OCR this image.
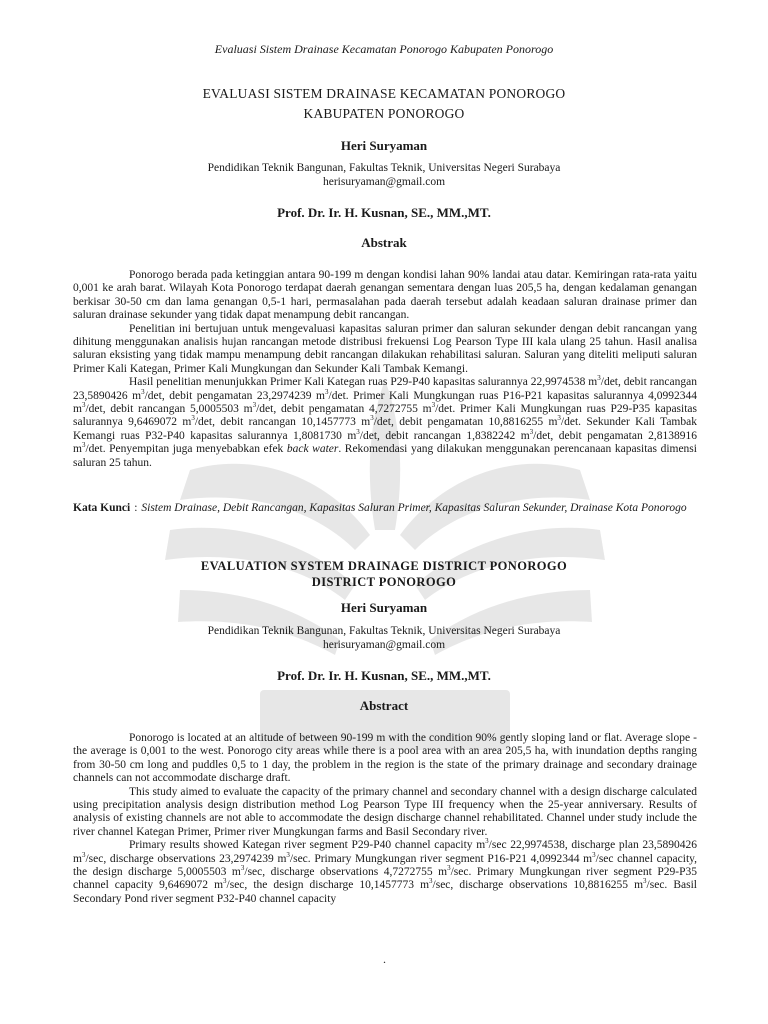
Evaluasi Sistem Drainase Kecamatan Ponorogo Kabupaten Ponorogo
EVALUASI SISTEM DRAINASE KECAMATAN PONOROGO
KABUPATEN PONOROGO
Heri Suryaman
Pendidikan Teknik Bangunan, Fakultas Teknik, Universitas Negeri Surabaya
herisuryaman@gmail.com
Prof. Dr. Ir. H. Kusnan, SE., MM.,MT.
Abstrak

Ponorogo berada pada ketinggian antara 90-199 m dengan kondisi lahan 90% landai atau datar. Kemiringan rata-rata yaitu 0,001 ke arah barat. Wilayah Kota Ponorogo terdapat daerah genangan sementara dengan luas 205,5 ha, dengan kedalaman genangan berkisar 30-50 cm dan lama genangan 0,5-1 hari, permasalahan pada daerah tersebut adalah keadaan saluran drainase primer dan saluran drainase sekunder yang tidak dapat menampung debit rancangan.

Penelitian ini bertujuan untuk mengevaluasi kapasitas saluran primer dan saluran sekunder dengan debit rancangan yang dihitung menggunakan analisis hujan rancangan metode distribusi frekuensi Log Pearson Type III kala ulang 25 tahun. Hasil analisa saluran eksisting yang tidak mampu menampung debit rancangan dilakukan rehabilitasi saluran. Saluran yang diteliti meliputi saluran Primer Kali Kategan, Primer Kali Mungkungan dan Sekunder Kali Tambak Kemangi.

Hasil penelitian menunjukkan Primer Kali Kategan ruas P29-P40 kapasitas salurannya 22,9974538 $m^3/\det$, debit rancangan 23,5890426 $m^3/\det$, debit pengamatan 23,2974239 $m^3/\det$. Primer Kali Mungkungan ruas P16-P21 kapasitas salurannya 4,0992344 $m^3/\det$, debit rancangan 5,0005503 $m^3/\det$, debit pengamatan 4,7272755 $m^3/\det$. Primer Kali Mungkungan ruas P29-P35 kapasitas salurannya 9,6469072 $m^3/\det$, debit rancangan 10,1457773 $m^3/\det$, debit pengamatan 10,8816255 $m^3/\det$. Sekunder Kali Tambak Kemangi ruas P32-P40 kapasitas salurannya 1,8081730 $m^3/\det$, debit rancangan 1,8382242 $m^3/\det$, debit pengamatan 2,8138916 $m^3/\det$. Penyempitan juga menyebabkan efek back water. Rekomendasi yang dilakukan menggunakan perencanaan kapasitas dimensi saluran 25 tahun.

Kata Kunci : Sistem Drainase, Debit Rancangan, Kapasitas Saluran Primer, Kapasitas Saluran Sekunder, Drainase Kota Ponorogo
EVALUATION SYSTEM DRAINAGE DISTRICT PONOROGO
DISTRICT PONOROGO
Heri Suryaman
Pendidikan Teknik Bangunan, Fakultas Teknik, Universitas Negeri Surabaya
herisuryaman@gmail.com
Prof. Dr. Ir. H. Kusnan, SE., MM.,MT.
Abstract

Ponorogo is located at an altitude of between 90-199 m with the condition 90% gently sloping land or flat. Average slope - the average is 0,001 to the west. Ponorogo city areas while there is a pool area with an area 205,5 ha, with inundation depths ranging from 30-50 cm long and puddles 0,5 to 1 day, the problem in the region is the state of the primary drainage and secondary drainage channels can not accommodate discharge draft.

This study aimed to evaluate the capacity of the primary channel and secondary channel with a design discharge calculated using precipitation analysis design distribution method Log Pearson Type III frequency when the 25-year anniversary. Results of analysis of existing channels are not able to accommodate the design discharge channel rehabilitated. Channel under study include the river channel Kategan Primer, Primer river Mungkungan farms and Basil Secondary river.

Primary results showed Kategan river segment P29-P40 channel capacity $m^3/\sec$ 22,9974538, discharge plan 23,5890426 $m^3/\sec$, discharge observations 23,2974239 $m^3/\sec$. Primary Mungkungan river segment P16-P21 4,0992344 $m^3/\sec$ channel capacity, the design discharge 5,0005503 $m^3/\sec$, discharge observations 4,7272755 $m^3/\sec$. Primary Mungkungan river segment P29-P35 channel capacity 9,6469072 $m^3/\sec$, the design discharge 10,1457773 $m^3/\sec$, discharge observations 10,8816255 $m^3/\sec$. Basil Secondary Pond river segment P32-P40 channel capacity

.
